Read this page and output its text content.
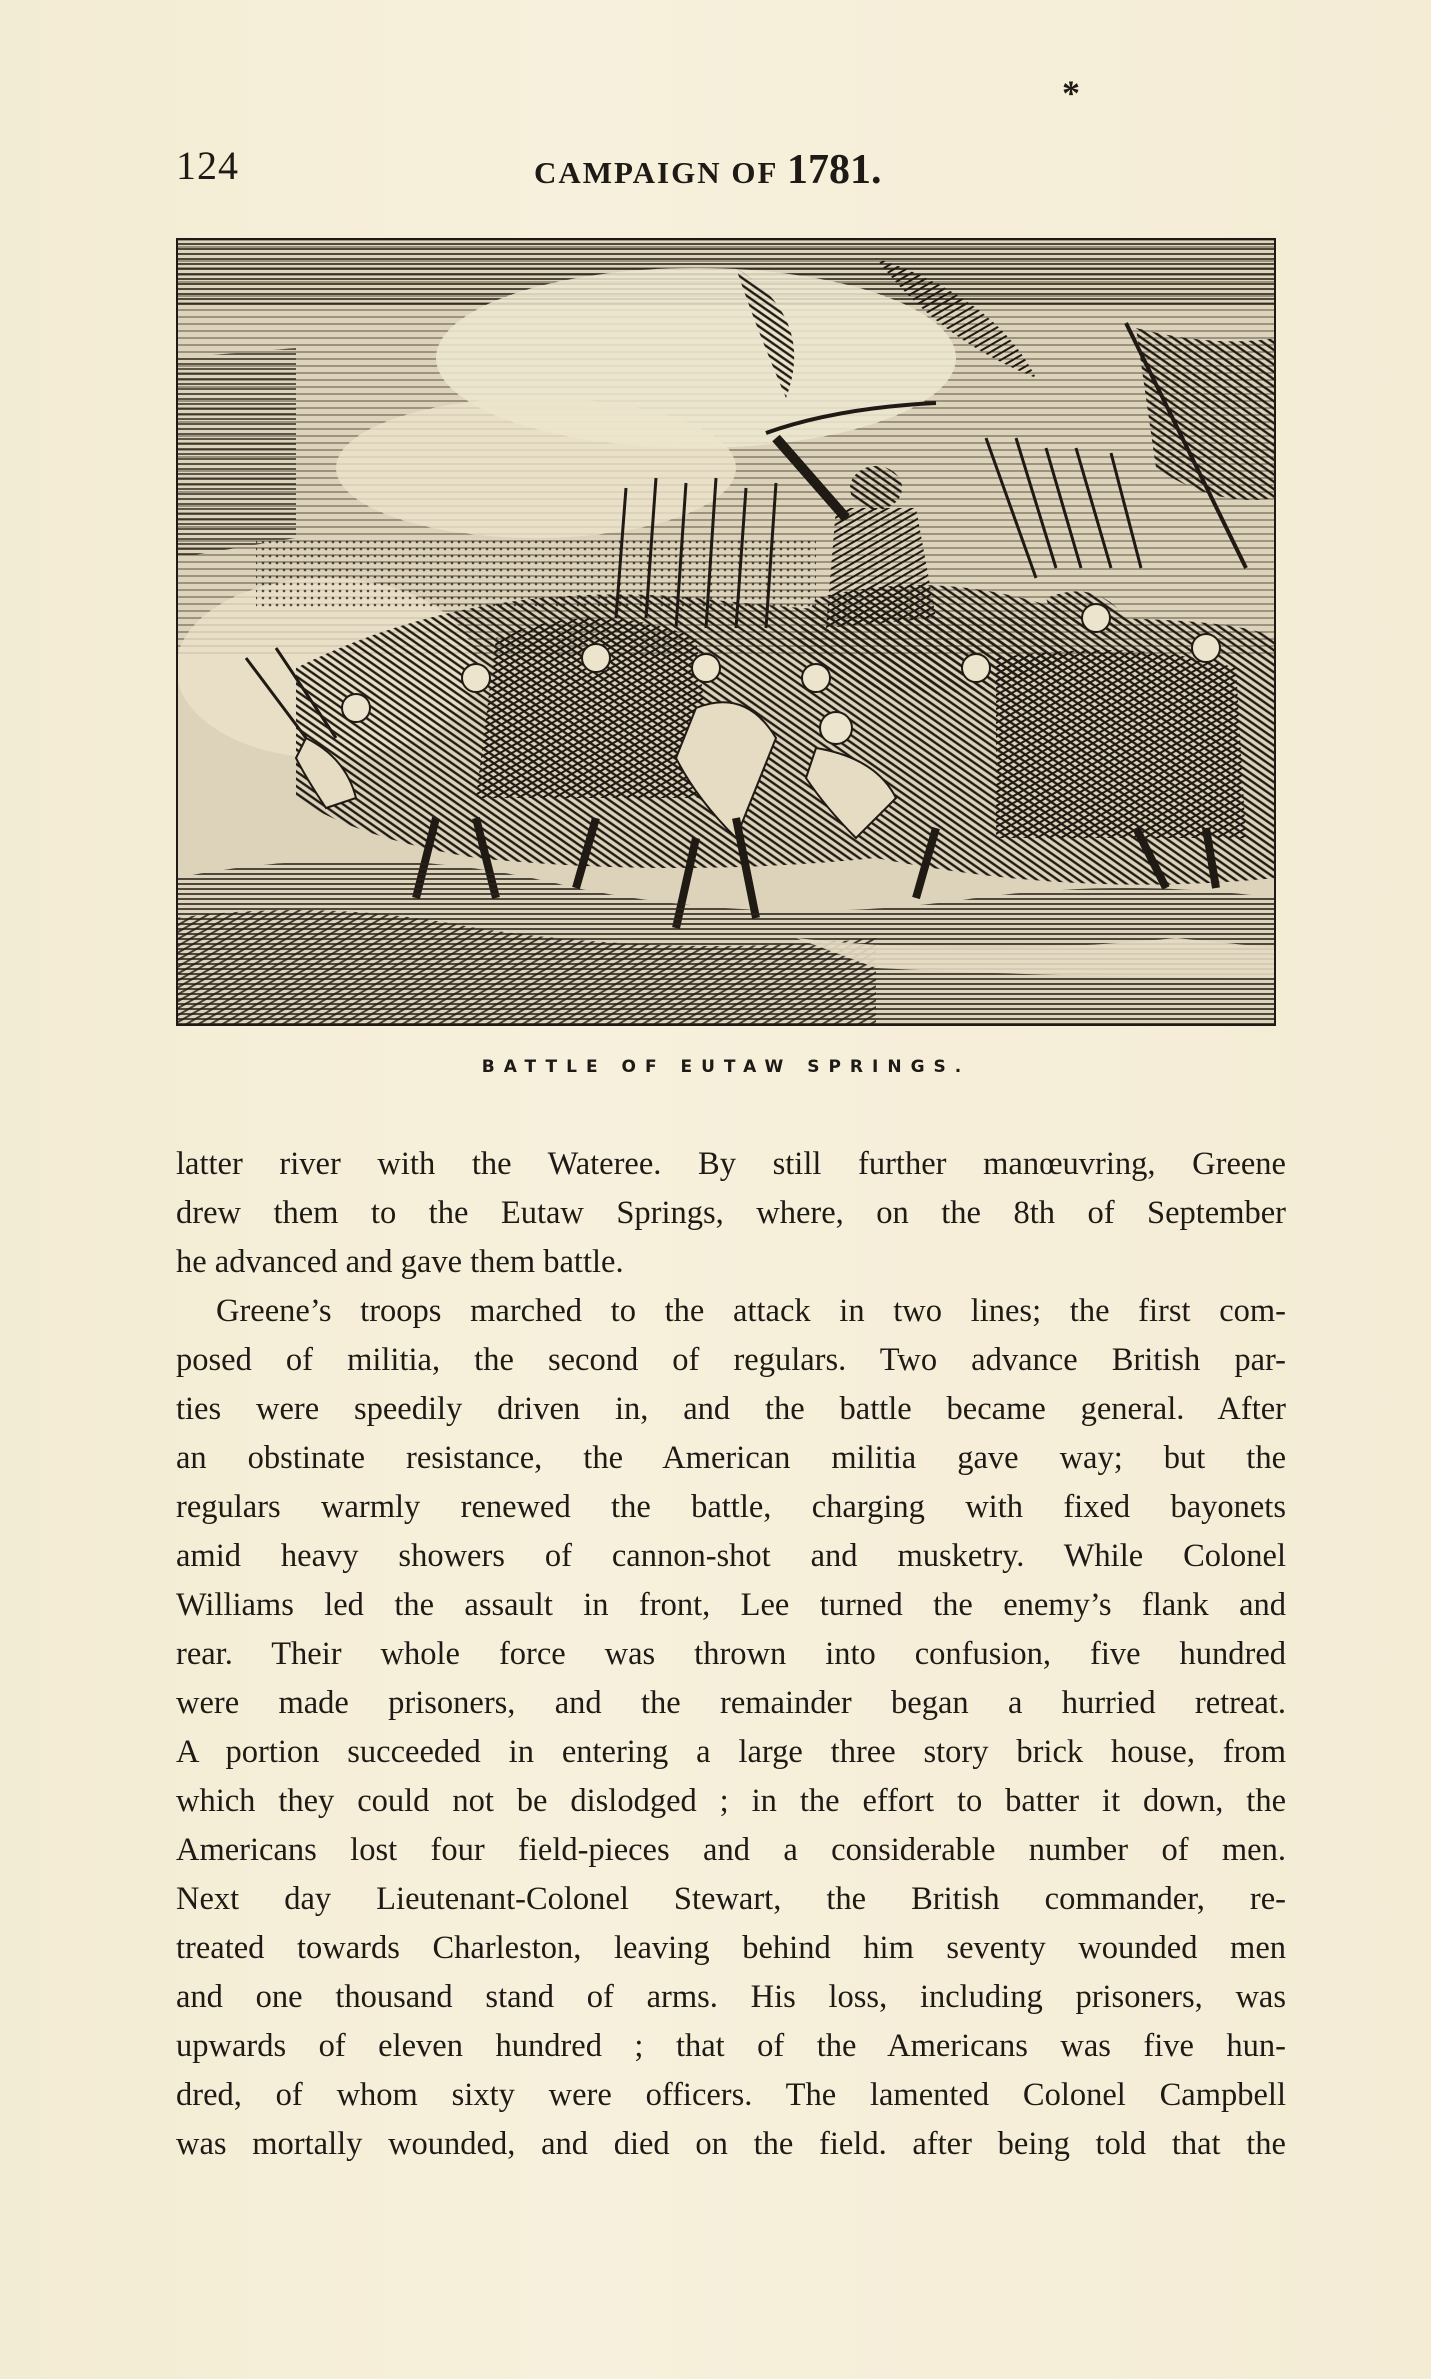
*
124	CAMPAIGN OF 1781.
BATTLE OF EUTAW SPRINGS.
latter river with the Wateree. By still further manœuvring, Greene
drew them to the Eutaw Springs, where, on the 8th of September
he advanced and gave them battle.
Greene’s troops marched to the attack in two lines; the first com-
posed of militia, the second of regulars. Two advance British par-
ties were speedily driven in, and the battle became general. After
an obstinate resistance, the American militia gave way; but the
regulars warmly renewed the battle, charging with fixed bayonets
amid heavy showers of cannon-shot and musketry. While Colonel
Williams led the assault in front, Lee turned the enemy’s flank and
rear. Their whole force was thrown into confusion, five hundred
were made prisoners, and the remainder began a hurried retreat.
A portion succeeded in entering a large three story brick house, from
which they could not be dislodged ; in the effort to batter it down, the
Americans lost four field-pieces and a considerable number of men.
Next day Lieutenant-Colonel Stewart, the British commander, re-
treated towards Charleston, leaving behind him seventy wounded men
and one thousand stand of arms. His loss, including prisoners, was
upwards of eleven hundred ; that of the Americans was five hun-
dred, of whom sixty were officers. The lamented Colonel Campbell
was mortally wounded, and died on the field. after being told that the
